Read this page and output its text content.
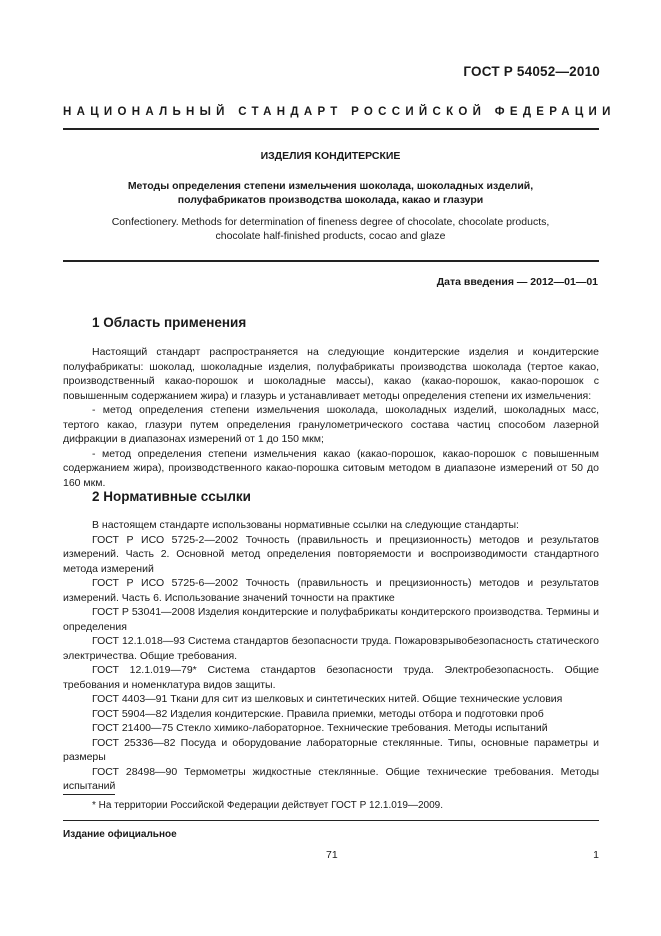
ГОСТ Р 54052—2010
НАЦИОНАЛЬНЫЙ СТАНДАРТ РОССИЙСКОЙ ФЕДЕРАЦИИ
ИЗДЕЛИЯ КОНДИТЕРСКИЕ
Методы определения степени измельчения шоколада, шоколадных изделий, полуфабрикатов производства шоколада, какао и глазури
Confectionery. Methods for determination of fineness degree of chocolate, chocolate products, chocolate half-finished products, cocao and glaze
Дата введения — 2012—01—01
1 Область применения

Настоящий стандарт распространяется на следующие кондитерские изделия и кондитерские полуфабрикаты: шоколад, шоколадные изделия, полуфабрикаты производства шоколада (тертое какао, производственный какао-порошок и шоколадные массы), какао (какао-порошок, какао-порошок с повышенным содержанием жира) и глазурь и устанавливает методы определения степени их измельчения:

- метод определения степени измельчения шоколада, шоколадных изделий, шоколадных масс, тертого какао, глазури путем определения гранулометрического состава частиц способом лазерной дифракции в диапазонах измерений от 1 до 150 мкм;

- метод определения степени измельчения какао (какао-порошок, какао-порошок с повышенным содержанием жира), производственного какао-порошка ситовым методом в диапазоне измерений от 50 до 160 мкм.

2 Нормативные ссылки

В настоящем стандарте использованы нормативные ссылки на следующие стандарты:

ГОСТ Р ИСО 5725-2—2002 Точность (правильность и прецизионность) методов и результатов измерений. Часть 2. Основной метод определения повторяемости и воспроизводимости стандартного метода измерений

ГОСТ Р ИСО 5725-6—2002 Точность (правильность и прецизионность) методов и результатов измерений. Часть 6. Использование значений точности на практике

ГОСТ Р 53041—2008 Изделия кондитерские и полуфабрикаты кондитерского производства. Термины и определения

ГОСТ 12.1.018—93 Система стандартов безопасности труда. Пожаровзрывобезопасность статического электричества. Общие требования.

ГОСТ 12.1.019—79* Система стандартов безопасности труда. Электробезопасность. Общие требования и номенклатура видов защиты.

ГОСТ 4403—91 Ткани для сит из шелковых и синтетических нитей. Общие технические условия

ГОСТ 5904—82 Изделия кондитерские. Правила приемки, методы отбора и подготовки проб

ГОСТ 21400—75 Стекло химико-лабораторное. Технические требования. Методы испытаний

ГОСТ 25336—82 Посуда и оборудование лабораторные стеклянные. Типы, основные параметры и размеры

ГОСТ 28498—90 Термометры жидкостные стеклянные. Общие технические требования. Методы испытаний

* На территории Российской Федерации действует ГОСТ Р 12.1.019—2009.
Издание официальное
71	1
